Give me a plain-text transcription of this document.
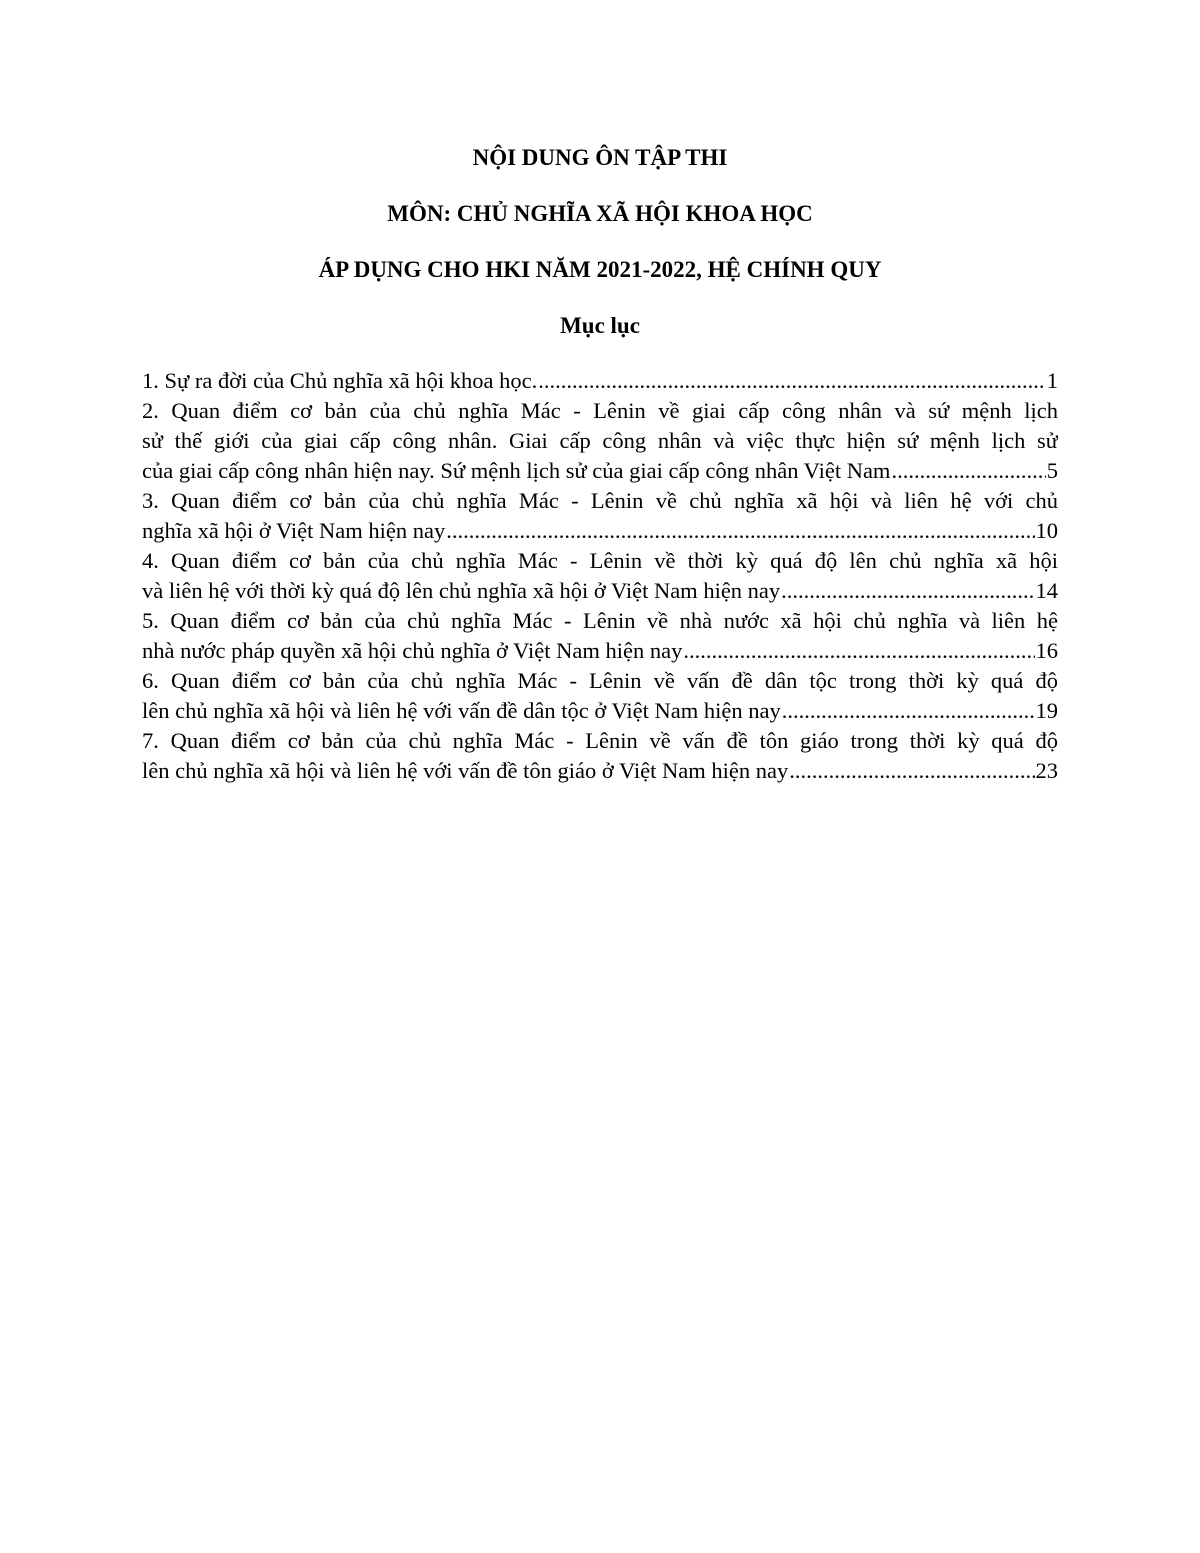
NỘI DUNG ÔN TẬP THI
MÔN: CHỦ NGHĨA XÃ HỘI KHOA HỌC
ÁP DỤNG CHO HKI NĂM 2021-2022, HỆ CHÍNH QUY
Mục lục
1. Sự ra đời của Chủ nghĩa xã hội khoa học. .....	1
2. Quan điểm cơ bản của chủ nghĩa Mác - Lênin về giai cấp công nhân và sứ mệnh lịch
sử thế giới của giai cấp công nhân. Giai cấp công nhân và việc thực hiện sứ mệnh lịch sử
của giai cấp công nhân hiện nay. Sứ mệnh lịch sử của giai cấp công nhân Việt Nam .....	5
3. Quan điểm cơ bản của chủ nghĩa Mác - Lênin về chủ nghĩa xã hội và liên hệ với chủ
nghĩa xã hội ở Việt Nam hiện nay .....	10
4. Quan điểm cơ bản của chủ nghĩa Mác - Lênin về thời kỳ quá độ lên chủ nghĩa xã hội
và liên hệ với thời kỳ quá độ lên chủ nghĩa xã hội ở Việt Nam hiện nay .....	14
5. Quan điểm cơ bản của chủ nghĩa Mác - Lênin về nhà nước xã hội chủ nghĩa và liên hệ
nhà nước pháp quyền xã hội chủ nghĩa ở Việt Nam hiện nay .....	16
6. Quan điểm cơ bản của chủ nghĩa Mác - Lênin về vấn đề dân tộc trong thời kỳ quá độ
lên chủ nghĩa xã hội và liên hệ với vấn đề dân tộc ở Việt Nam hiện nay .....	19
7. Quan điểm cơ bản của chủ nghĩa Mác - Lênin về vấn đề tôn giáo trong thời kỳ quá độ
lên chủ nghĩa xã hội và liên hệ với vấn đề tôn giáo ở Việt Nam hiện nay .....	23
